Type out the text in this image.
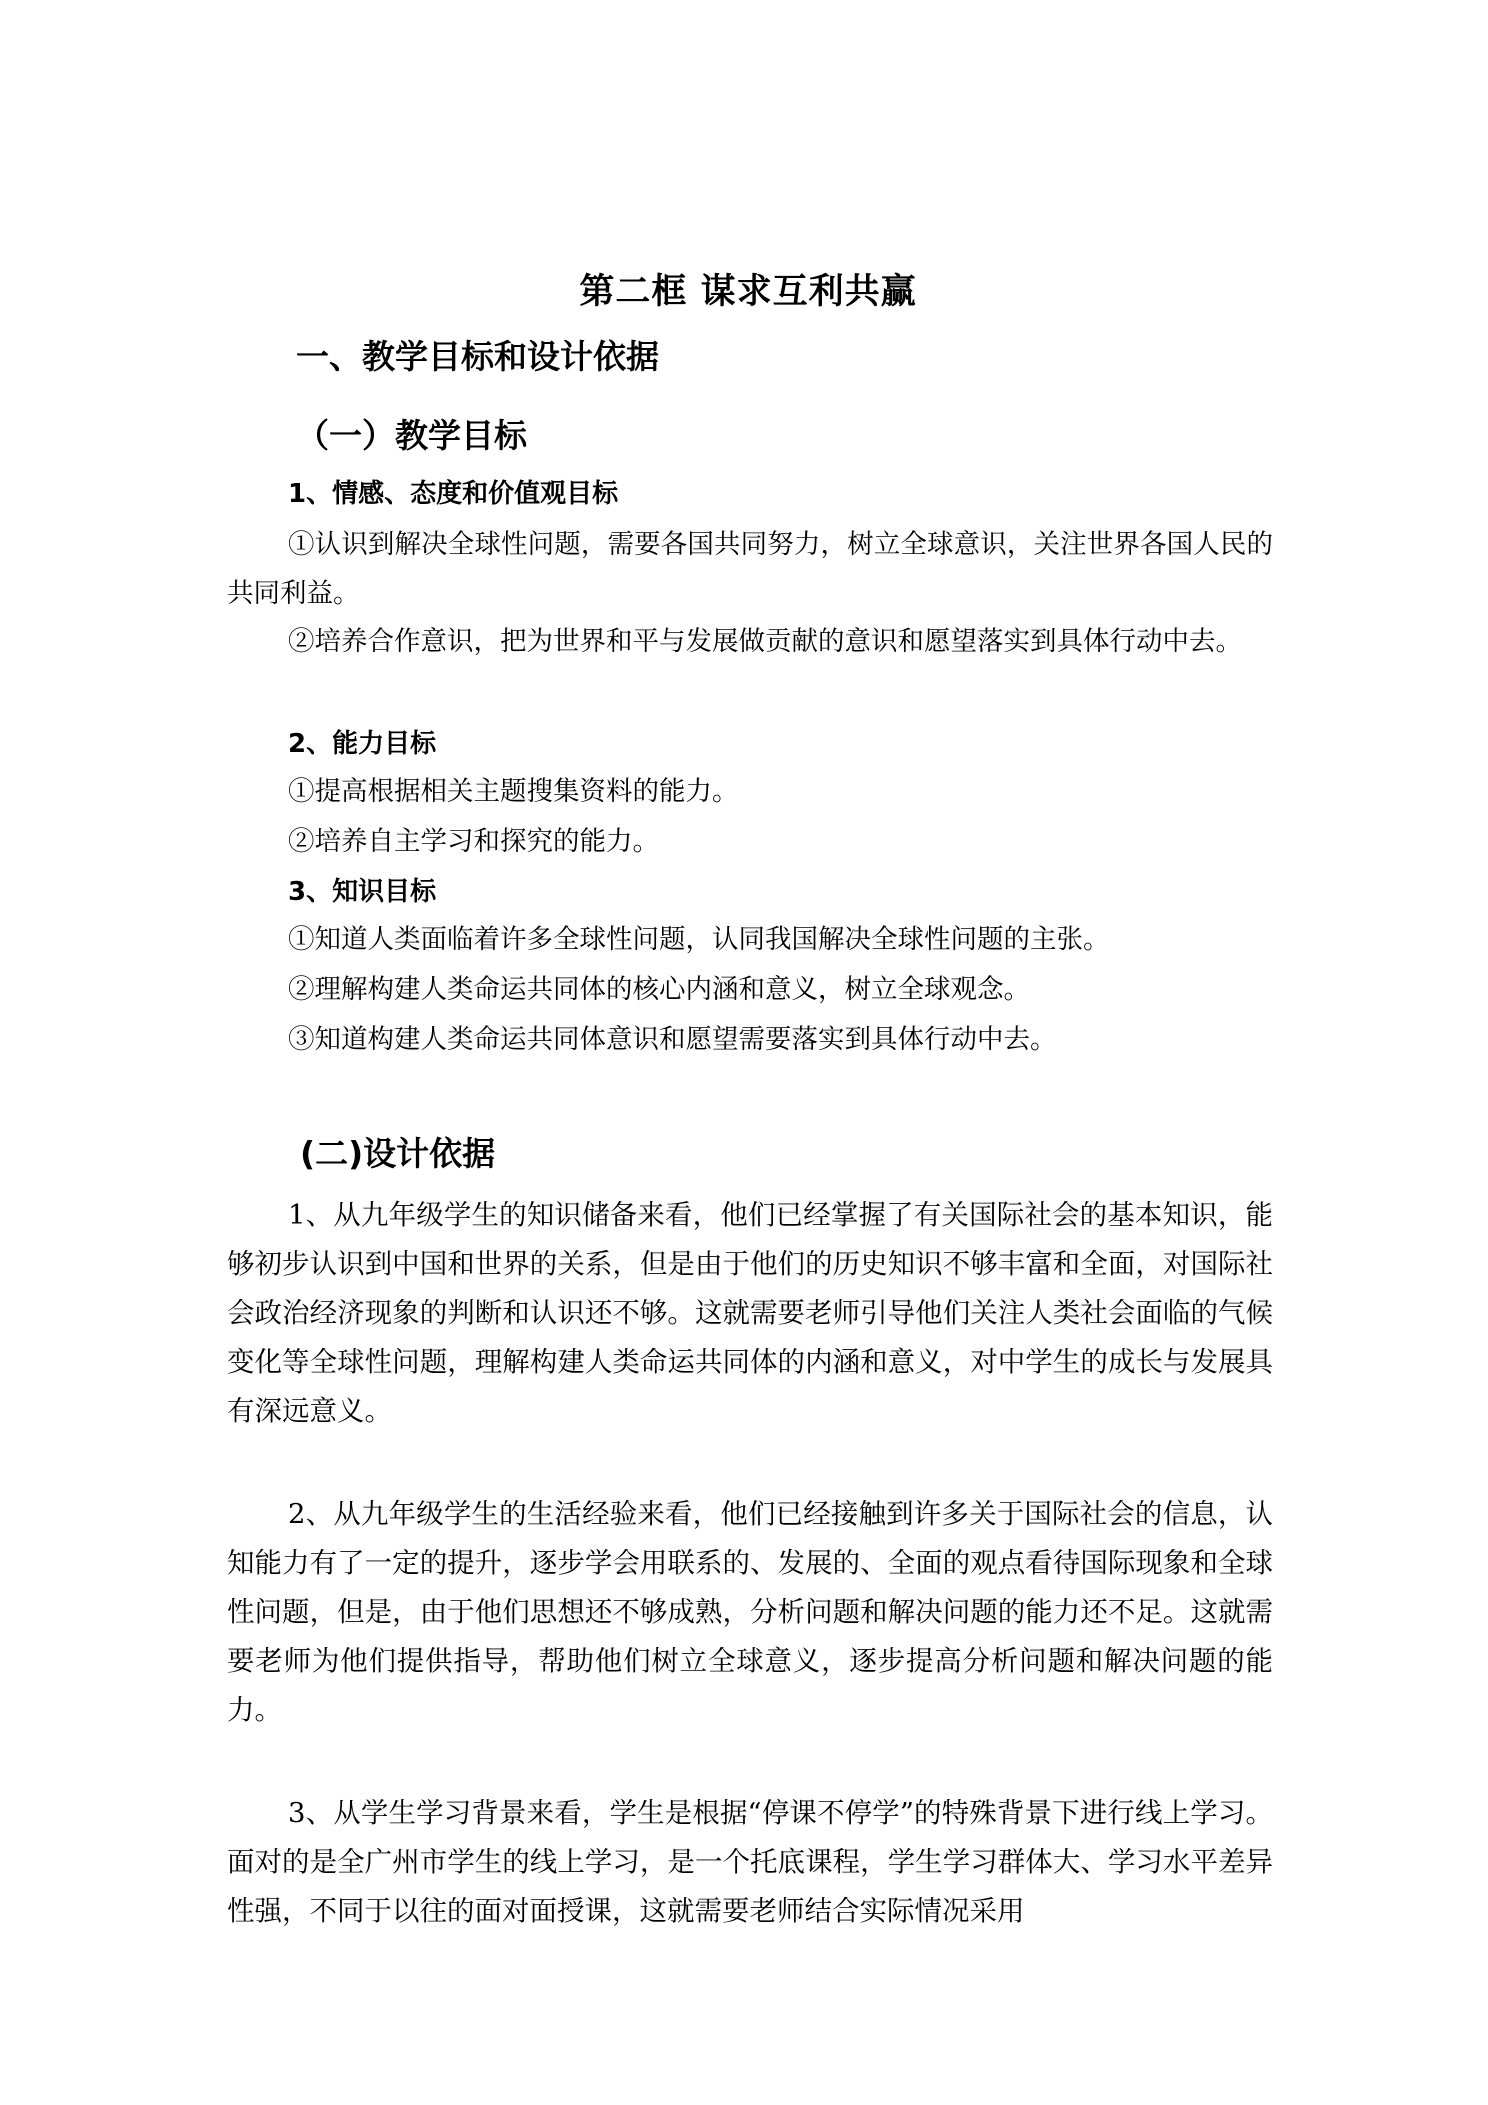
第二框 谋求互利共赢
一、教学目标和设计依据
（一）教学目标
1、情感、态度和价值观目标
①认识到解决全球性问题，需要各国共同努力，树立全球意识，关注世界各国人民的共同利益。
②培养合作意识，把为世界和平与发展做贡献的意识和愿望落实到具体行动中去。
2、能力目标
①提高根据相关主题搜集资料的能力。
②培养自主学习和探究的能力。
3、知识目标
①知道人类面临着许多全球性问题，认同我国解决全球性问题的主张。
②理解构建人类命运共同体的核心内涵和意义，树立全球观念。
③知道构建人类命运共同体意识和愿望需要落实到具体行动中去。
(二)设计依据
1、从九年级学生的知识储备来看，他们已经掌握了有关国际社会的基本知识，能够初步认识到中国和世界的关系，但是由于他们的历史知识不够丰富和全面，对国际社会政治经济现象的判断和认识还不够。这就需要老师引导他们关注人类社会面临的气候变化等全球性问题，理解构建人类命运共同体的内涵和意义，对中学生的成长与发展具有深远意义。
2、从九年级学生的生活经验来看，他们已经接触到许多关于国际社会的信息，认知能力有了一定的提升，逐步学会用联系的、发展的、全面的观点看待国际现象和全球性问题，但是，由于他们思想还不够成熟，分析问题和解决问题的能力还不足。这就需要老师为他们提供指导，帮助他们树立全球意义，逐步提高分析问题和解决问题的能力。
3、从学生学习背景来看，学生是根据“停课不停学”的特殊背景下进行线上学习。面对的是全广州市学生的线上学习，是一个托底课程，学生学习群体大、学习水平差异性强，不同于以往的面对面授课，这就需要老师结合实际情况采用
